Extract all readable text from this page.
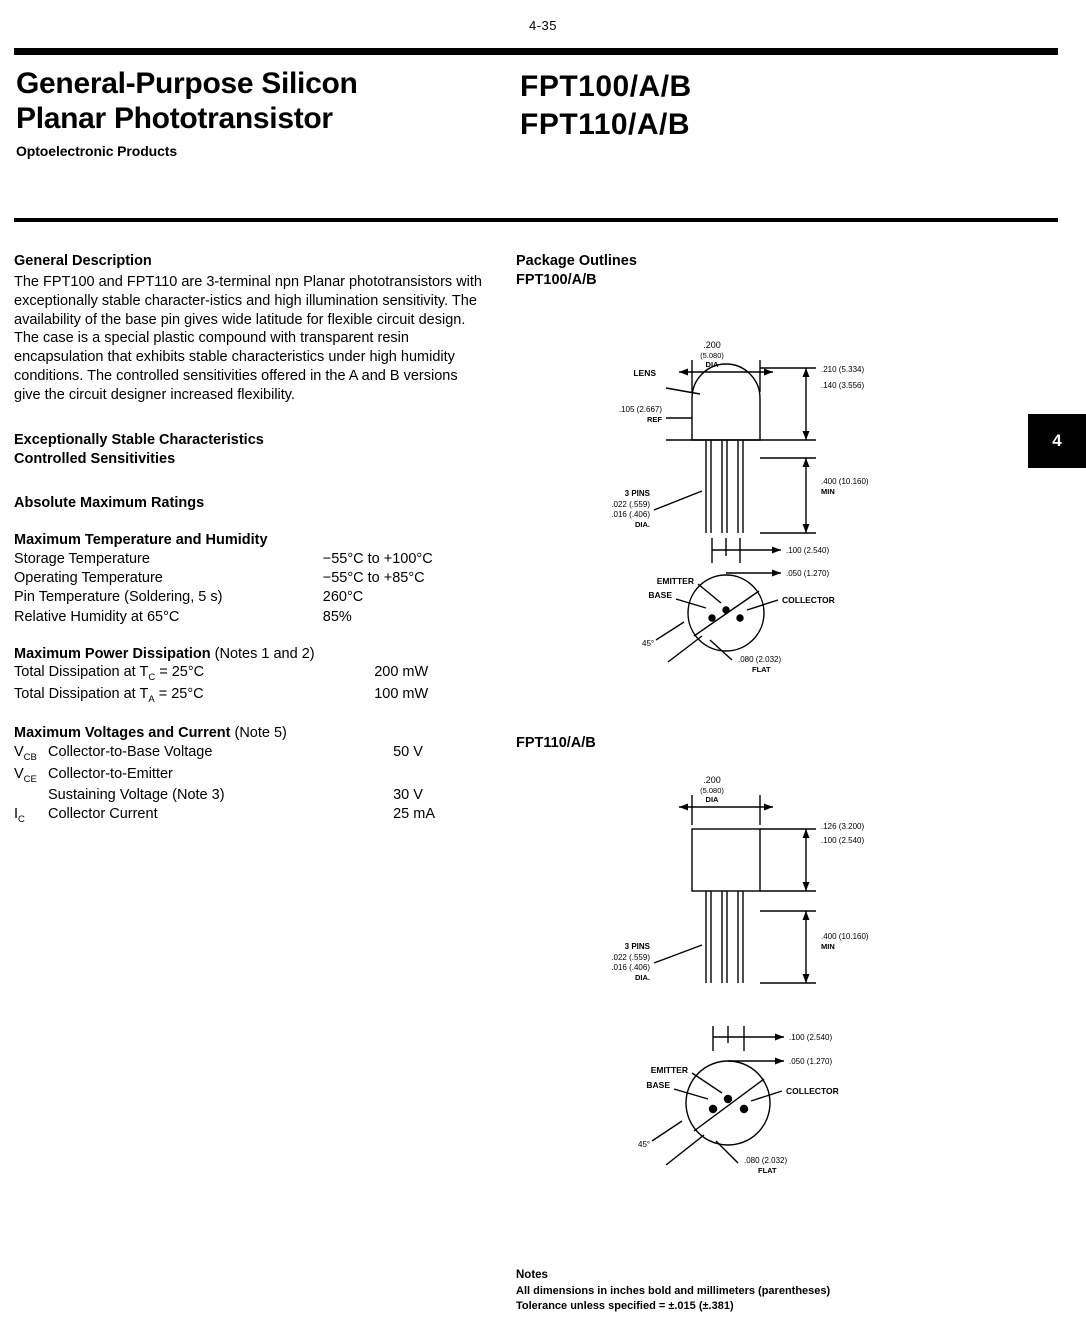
4-35
General-Purpose Silicon
Planar Phototransistor
Optoelectronic Products
FPT100/A/B
FPT110/A/B
4
General Description
The FPT100 and FPT110 are 3-terminal npn Planar phototransistors with exceptionally stable character-istics and high illumination sensitivity. The availability of the base pin gives wide latitude for flexible circuit design. The case is a special plastic compound with transparent resin encapsulation that exhibits stable characteristics under high humidity conditions. The controlled sensitivities offered in the A and B versions give the circuit designer increased flexibility.
Exceptionally Stable Characteristics
Controlled Sensitivities
Absolute Maximum Ratings
Maximum Temperature and Humidity
Storage Temperature	−55°C to +100°C
Operating Temperature	−55°C to +85°C
Pin Temperature (Soldering, 5 s)	260°C
Relative Humidity at 65°C	85%
Maximum Power Dissipation (Notes 1 and 2)
Total Dissipation at $T_C = 25^\circ C$	200 mW
Total Dissipation at $T_A = 25^\circ C$	100 mW
Maximum Voltages and Current (Note 5)
$V_{CB}$	Collector-to-Base Voltage	50 V
$V_{CE}$	Collector-to-Emitter	
	Sustaining Voltage (Note 3)	30 V
$I_C$	Collector Current	25 mA
Package Outlines
FPT100/A/B
.200
(5.080)
DIA
LENS	.210 (5.334)
.140 (3.556)
.105 (2.667)
REF
.400 (10.160)
MIN
3 PINS
.022 (.559)
.016 (.406)
DIA.
.100 (2.540)
.050 (1.270)
BASE
EMITTER
COLLECTOR
45°
.080 (2.032)
FLAT
FPT110/A/B
.200
(5.080)
DIA
.126 (3.200)
.100 (2.540)
.400 (10.160)
MIN
3 PINS
.022 (.559)
.016 (.406)
DIA.
.100 (2.540)
.050 (1.270)
BASE
EMITTER
COLLECTOR
45°
.080 (2.032)
FLAT
Notes
All dimensions in inches bold and millimeters (parentheses)
Tolerance unless specified = ±.015 (±.381)
